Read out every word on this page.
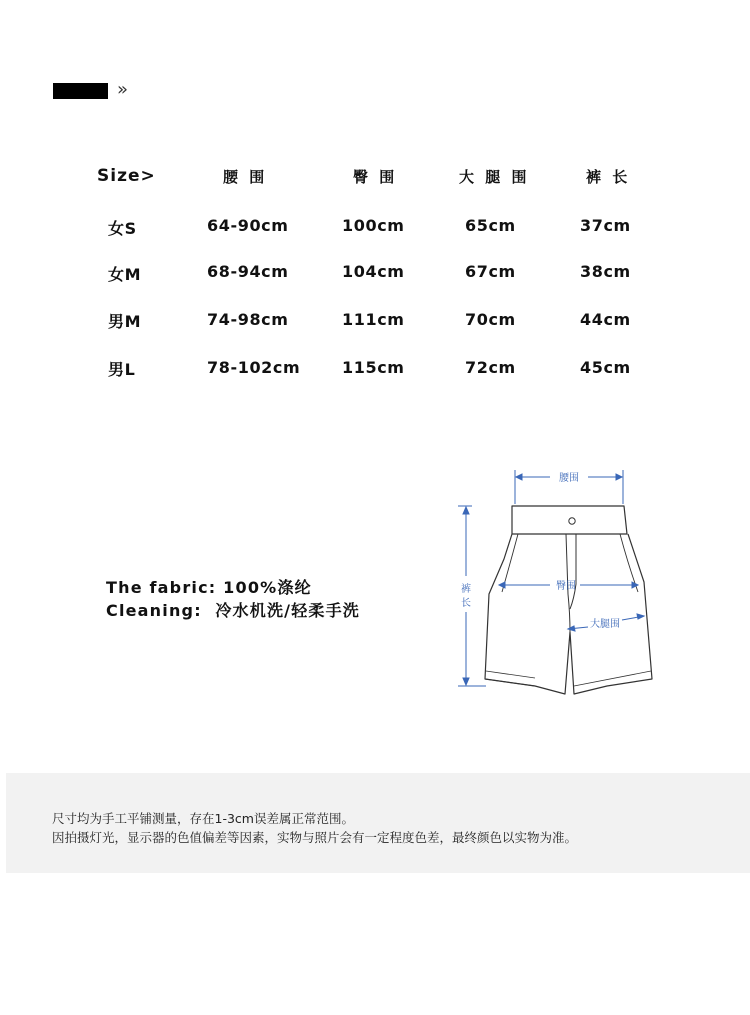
»
Size>	腰 围	臀 围	大 腿 围	裤 长
女S	64-90cm	100cm	65cm	37cm
女M	68-94cm	104cm	67cm	38cm
男M	74-98cm	111cm	70cm	44cm
男L	78-102cm	115cm	72cm	45cm
The fabric: 100%涤纶
Cleaning: 冷水机洗/轻柔手洗
腰围
裤
长
臀围
大腿围
尺寸均为手工平铺测量，存在1-3cm误差属正常范围。
因拍摄灯光，显示器的色值偏差等因素，实物与照片会有一定程度色差，最终颜色以实物为准。
